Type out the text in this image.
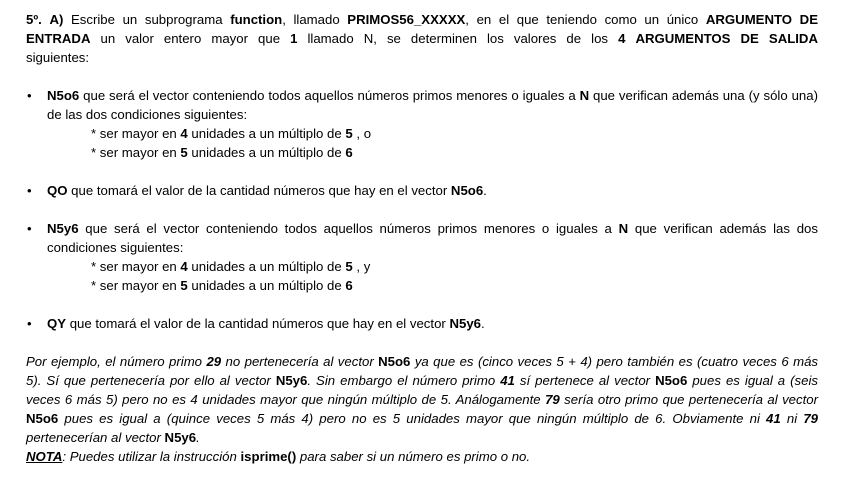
5º. A) Escribe un subprograma function, llamado PRIMOS56_XXXXX, en el que teniendo como un único ARGUMENTO DE

ENTRADA un valor entero mayor que 1 llamado N, se determinen los valores de los 4 ARGUMENTOS DE SALIDA

siguientes:

•	N5o6 que será el vector conteniendo todos aquellos números primos menores o iguales a N que verifican además una (y sólo una) de las dos condiciones siguientes:

* ser mayor en 4 unidades a un múltiplo de 5 , o

* ser mayor en 5 unidades a un múltiplo de 6

•	QO que tomará el valor de la cantidad números que hay en el vector N5o6.
•	N5y6 que será el vector conteniendo todos aquellos números primos menores o iguales a N que verifican además las dos condiciones siguientes:

* ser mayor en 4 unidades a un múltiplo de 5 , y

* ser mayor en 5 unidades a un múltiplo de 6

•	QY que tomará el valor de la cantidad números que hay en el vector N5y6.

Por ejemplo, el número primo 29 no pertenecería al vector N5o6 ya que es (cinco veces 5 + 4) pero también es (cuatro veces 6 más 5). Sí que pertenecería por ello al vector N5y6. Sin embargo el número primo 41 sí pertenece al vector N5o6 pues es igual a (seis veces 6 más 5) pero no es 4 unidades mayor que ningún múltiplo de 5. Análogamente 79 sería otro primo que pertenecería al vector N5o6 pues es igual a (quince veces 5 más 4) pero no es 5 unidades mayor que ningún múltiplo de 6. Obviamente ni 41 ni 79 pertenecerían al vector N5y6.

NOTA: Puedes utilizar la instrucción isprime() para saber si un número es primo o no.
